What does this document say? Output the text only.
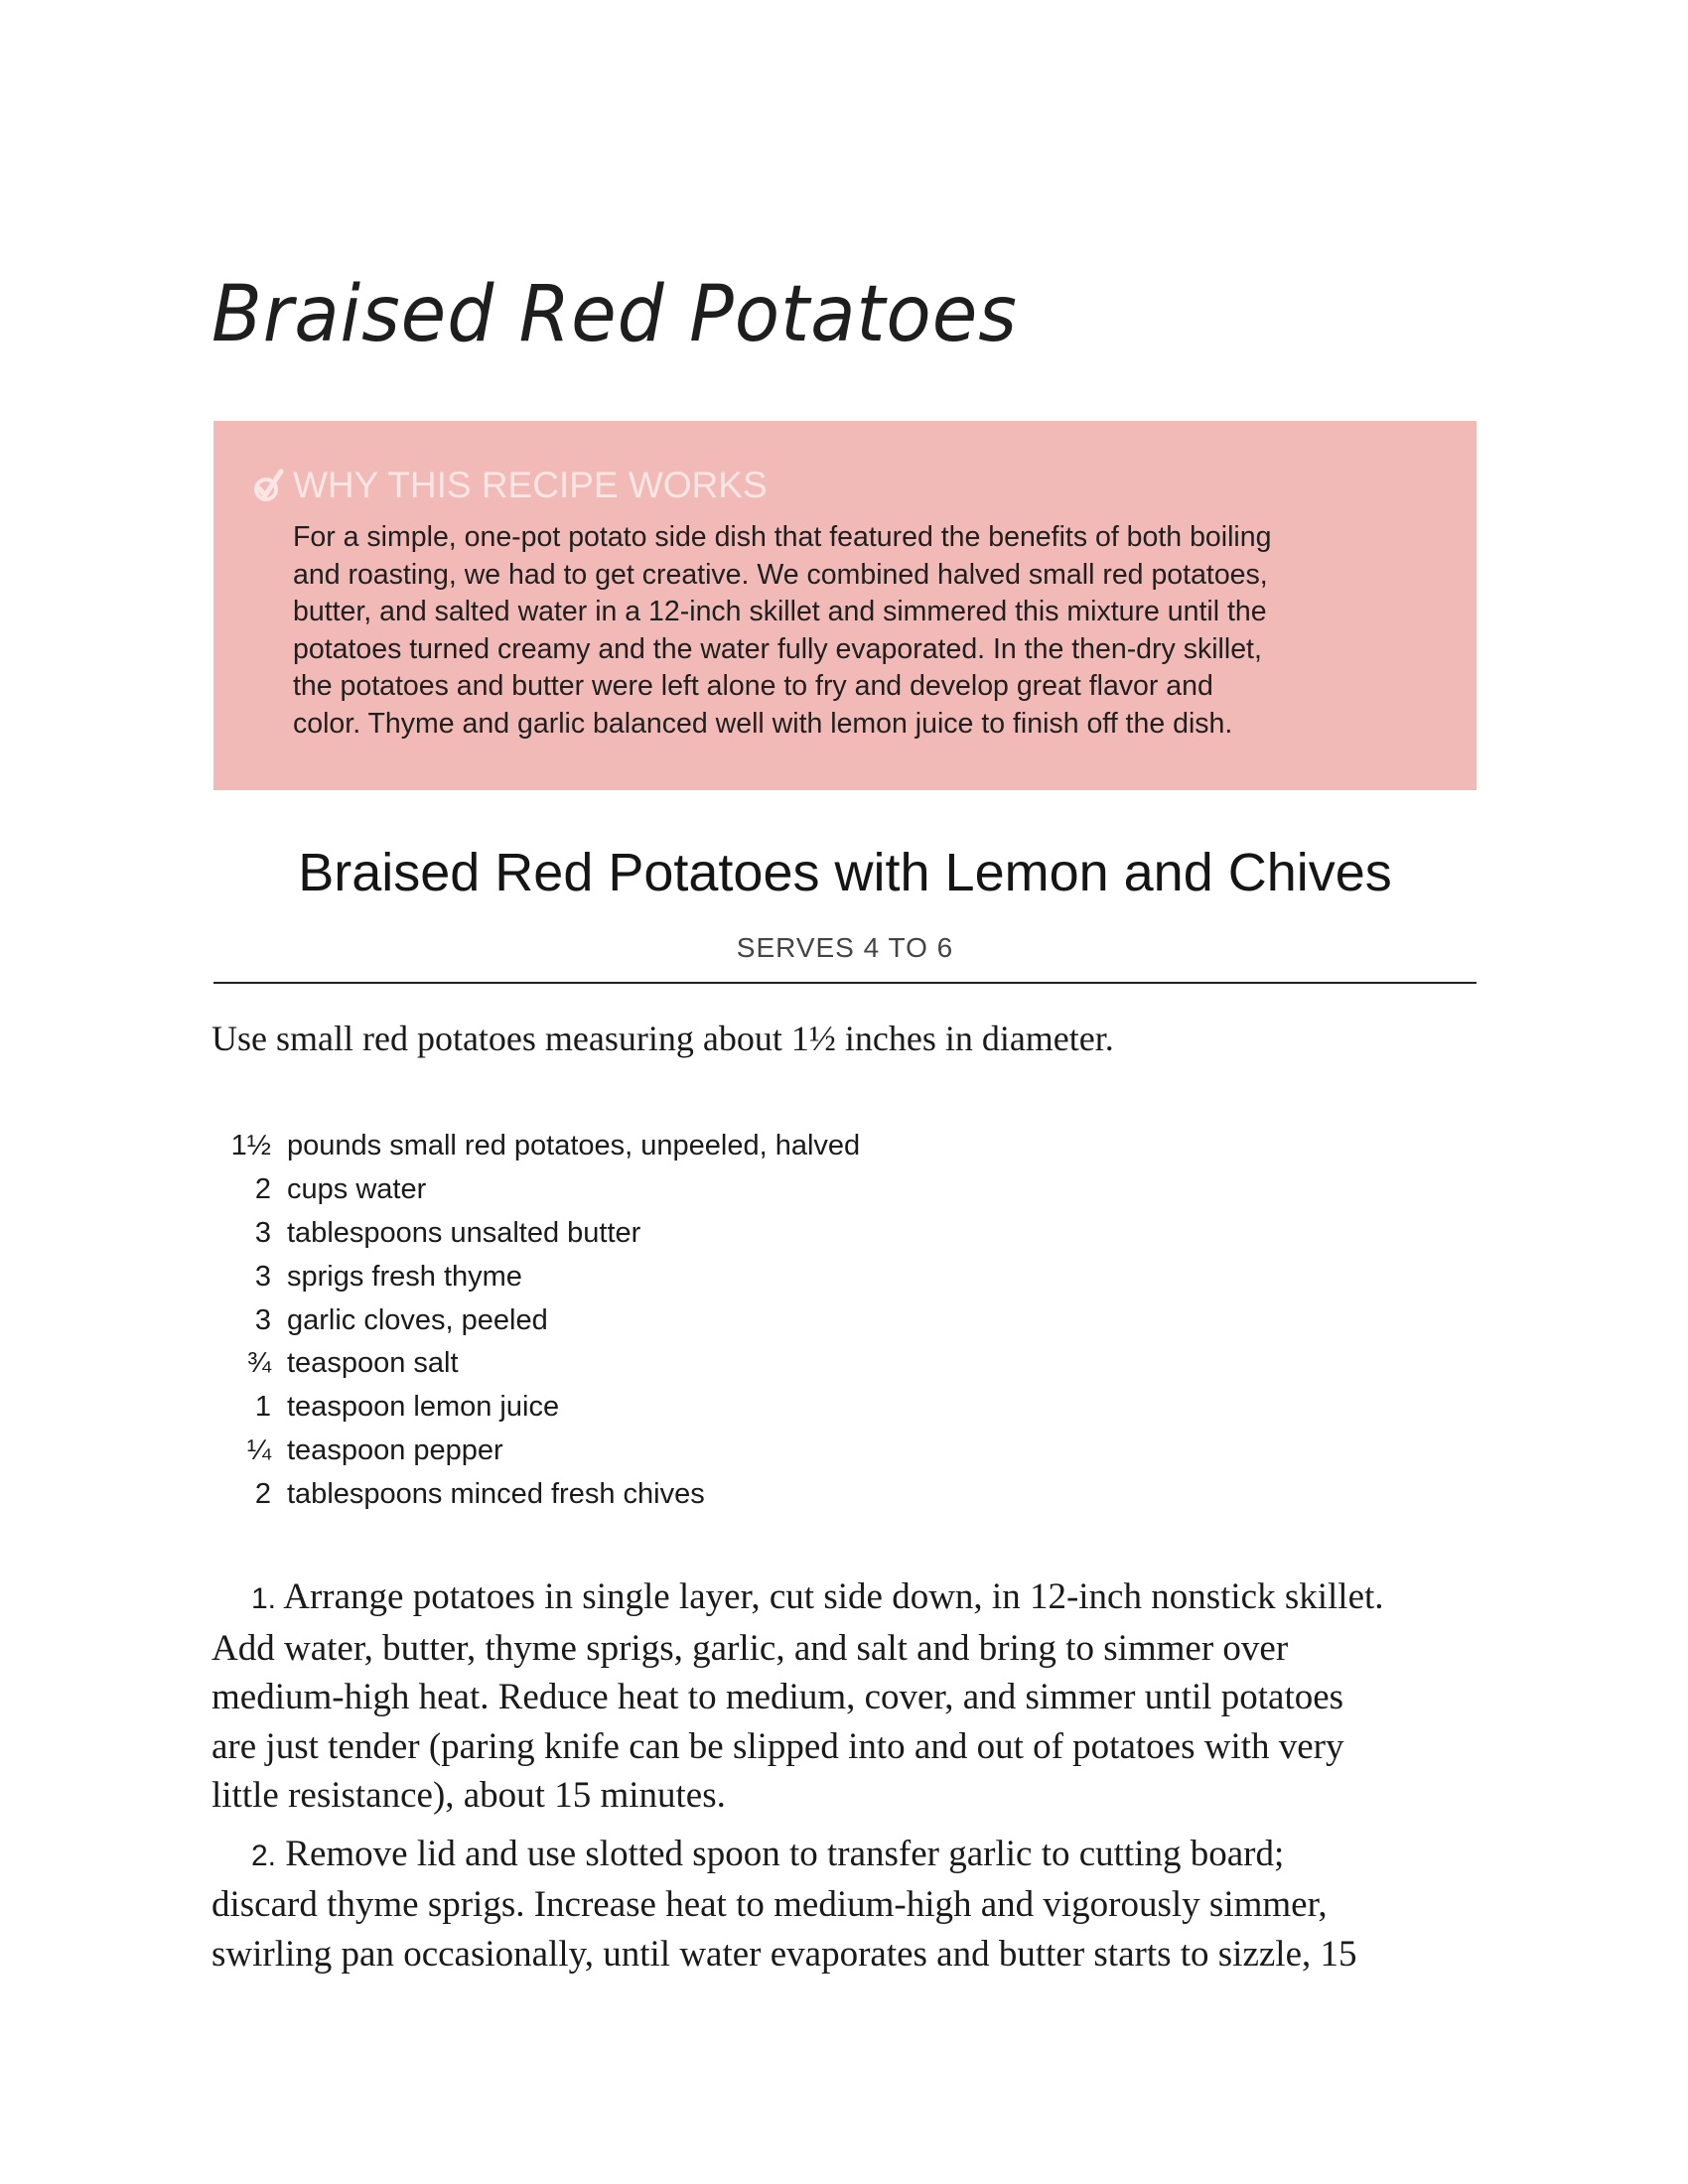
Braised Red Potatoes
WHY THIS RECIPE WORKS

For a simple, one-pot potato side dish that featured the benefits of both boiling
and roasting, we had to get creative. We combined halved small red potatoes,
butter, and salted water in a 12-inch skillet and simmered this mixture until the
potatoes turned creamy and the water fully evaporated. In the then-dry skillet,
the potatoes and butter were left alone to fry and develop great flavor and
color. Thyme and garlic balanced well with lemon juice to finish off the dish.

Braised Red Potatoes with Lemon and Chives
SERVES 4 TO 6
Use small red potatoes measuring about 1½ inches in diameter.
1½ pounds small red potatoes, unpeeled, halved
2 cups water
3 tablespoons unsalted butter
3 sprigs fresh thyme
3 garlic cloves, peeled
¾ teaspoon salt
1 teaspoon lemon juice
¼ teaspoon pepper
2 tablespoons minced fresh chives
1. Arrange potatoes in single layer, cut side down, in 12-inch nonstick skillet.
Add water, butter, thyme sprigs, garlic, and salt and bring to simmer over
medium-high heat. Reduce heat to medium, cover, and simmer until potatoes
are just tender (paring knife can be slipped into and out of potatoes with very
little resistance), about 15 minutes.
2. Remove lid and use slotted spoon to transfer garlic to cutting board;
discard thyme sprigs. Increase heat to medium-high and vigorously simmer,
swirling pan occasionally, until water evaporates and butter starts to sizzle, 15
